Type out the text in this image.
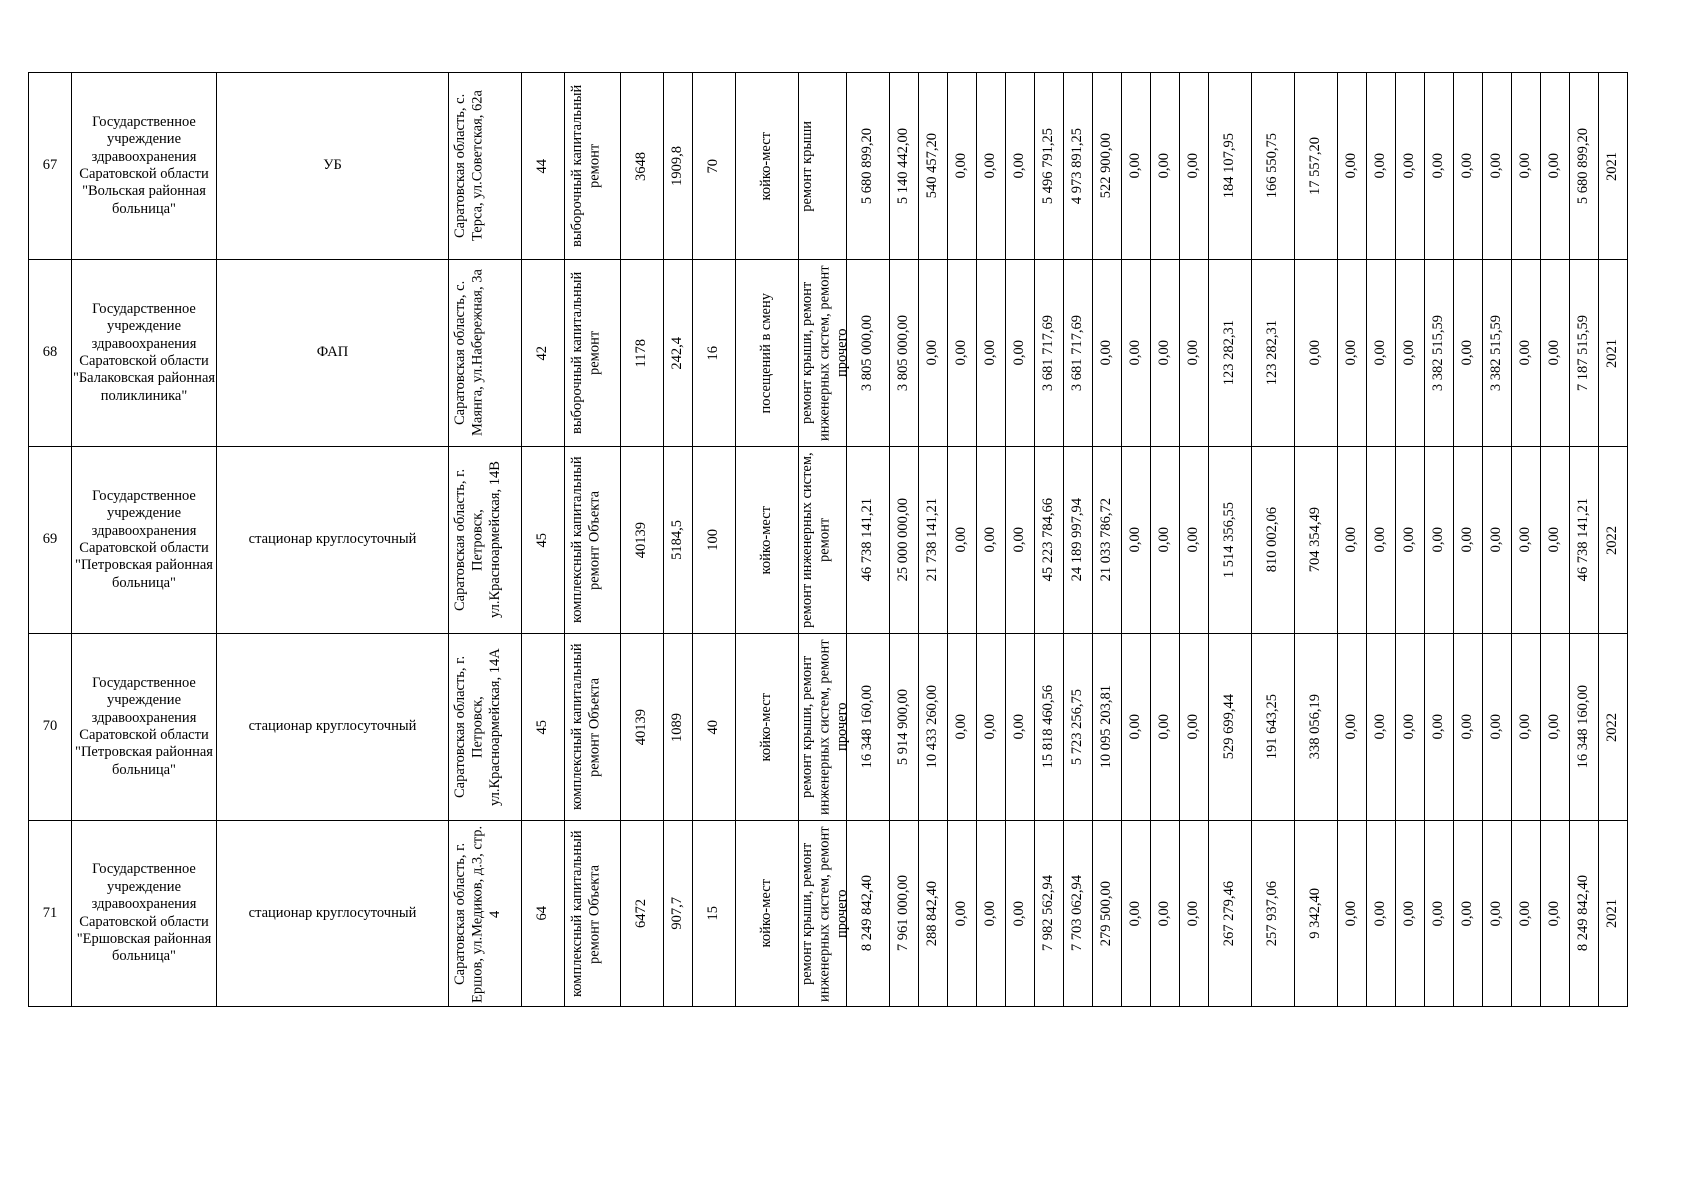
67	Государственное учреждение здравоохранения Саратовской области "Вольская районная больница"	УБ	Саратовская область, с. Терса, ул.Советская, 62а	44	выборочный капитальный ремонт	3648	1909,8	70	койко-мест	ремонт крыши	5 680 899,20	5 140 442,00	540 457,20	0,00	0,00	0,00	5 496 791,25	4 973 891,25	522 900,00	0,00	0,00	0,00	184 107,95	166 550,75	17 557,20	0,00	0,00	0,00	0,00	0,00	0,00	0,00	0,00	5 680 899,20	2021

68	Государственное учреждение здравоохранения Саратовской области "Балаковская районная поликлиника"	ФАП	Саратовская область, с. Маянга, ул.Набережная, 3а	42	выборочный капитальный ремонт	1178	242,4	16	посещений в смену	ремонт крыши, ремонт инженерных систем, ремонт прочего	3 805 000,00	3 805 000,00	0,00	0,00	0,00	0,00	3 681 717,69	3 681 717,69	0,00	0,00	0,00	0,00	123 282,31	123 282,31	0,00	0,00	0,00	0,00	3 382 515,59	0,00	3 382 515,59	0,00	0,00	7 187 515,59	2021

69	Государственное учреждение здравоохранения Саратовской области "Петровская районная больница"	стационар круглосуточный	Саратовская область, г. Петровск, ул.Красноармейская, 14В	45	комплексный капитальный ремонт Объекта	40139	5184,5	100	койко-мест	ремонт инженерных систем, ремонт	46 738 141,21	25 000 000,00	21 738 141,21	0,00	0,00	0,00	45 223 784,66	24 189 997,94	21 033 786,72	0,00	0,00	0,00	1 514 356,55	810 002,06	704 354,49	0,00	0,00	0,00	0,00	0,00	0,00	0,00	0,00	46 738 141,21	2022

70	Государственное учреждение здравоохранения Саратовской области "Петровская районная больница"	стационар круглосуточный	Саратовская область, г. Петровск, ул.Красноармейская, 14А	45	комплексный капитальный ремонт Объекта	40139	1089	40	койко-мест	ремонт крыши, ремонт инженерных систем, ремонт прочего	16 348 160,00	5 914 900,00	10 433 260,00	0,00	0,00	0,00	15 818 460,56	5 723 256,75	10 095 203,81	0,00	0,00	0,00	529 699,44	191 643,25	338 056,19	0,00	0,00	0,00	0,00	0,00	0,00	0,00	0,00	16 348 160,00	2022

71	Государственное учреждение здравоохранения Саратовской области "Ершовская районная больница"	стационар круглосуточный	Саратовская область, г. Ершов, ул.Медиков, д.3, стр. 4	64	комплексный капитальный ремонт Объекта	6472	907,7	15	койко-мест	ремонт крыши, ремонт инженерных систем, ремонт прочего	8 249 842,40	7 961 000,00	288 842,40	0,00	0,00	0,00	7 982 562,94	7 703 062,94	279 500,00	0,00	0,00	0,00	267 279,46	257 937,06	9 342,40	0,00	0,00	0,00	0,00	0,00	0,00	0,00	0,00	8 249 842,40	2021
